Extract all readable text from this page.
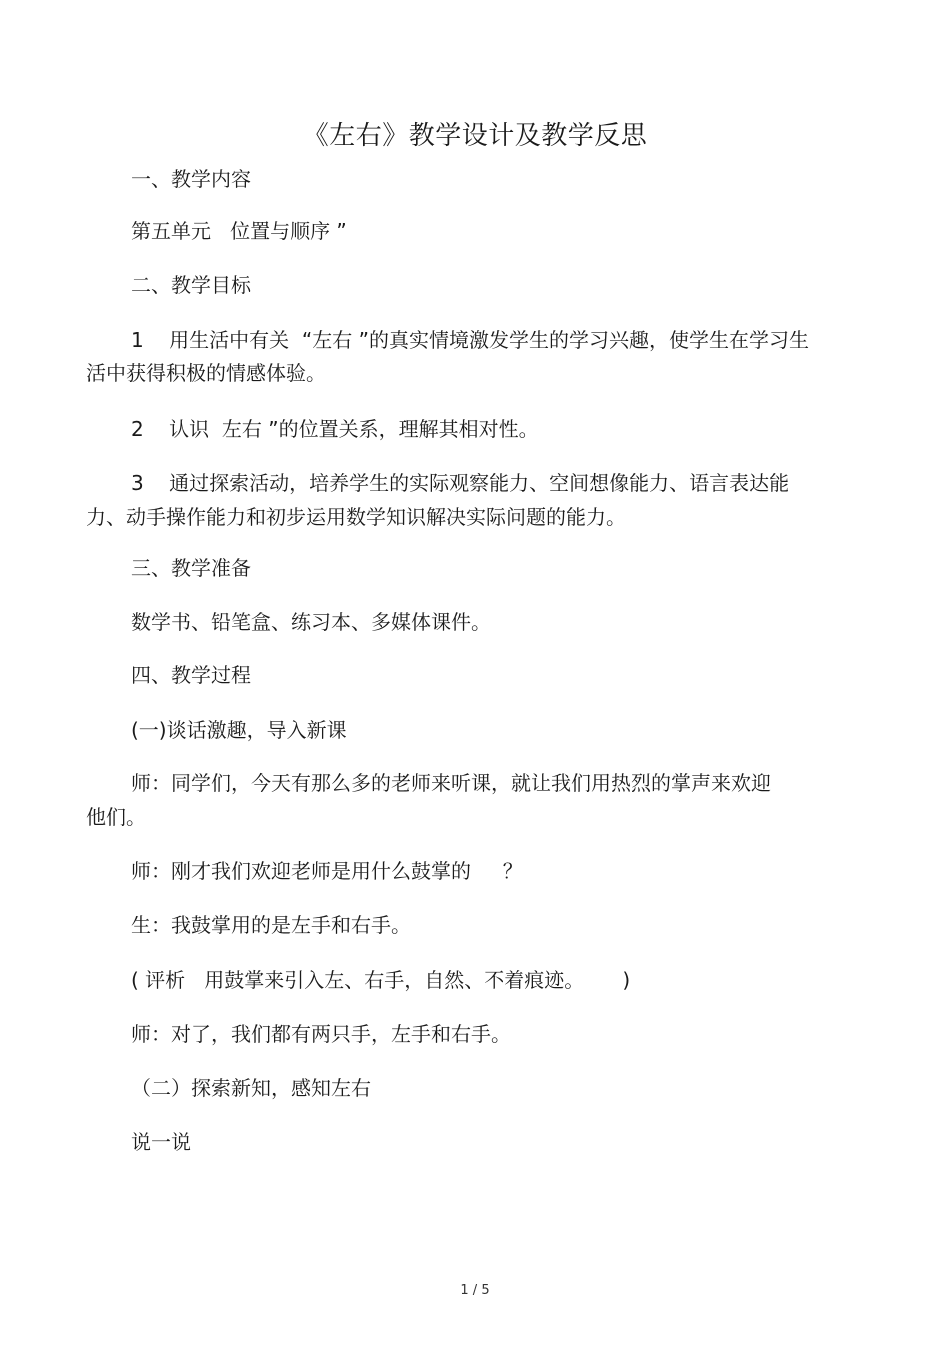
《左右》教学设计及教学反思
一、教学内容
第五单元   位置与顺序 ”
二、教学目标
1    用生活中有关  “左右 ”的真实情境激发学生的学习兴趣，使学生在学习生
活中获得积极的情感体验。
2    认识  左右 ”的位置关系，理解其相对性。
3    通过探索活动，培养学生的实际观察能力、空间想像能力、语言表达能
力、动手操作能力和初步运用数学知识解决实际问题的能力。
三、教学准备
数学书、铅笔盒、练习本、多媒体课件。
四、教学过程
(一)谈话激趣，导入新课
师：同学们，今天有那么多的老师来听课，就让我们用热烈的掌声来欢迎
他们。
师：刚才我们欢迎老师是用什么鼓掌的     ？
生：我鼓掌用的是左手和右手。
( 评析   用鼓掌来引入左、右手，自然、不着痕迹。      )
师：对了，我们都有两只手，左手和右手。
（二）探索新知，感知左右
说一说
1 / 5
